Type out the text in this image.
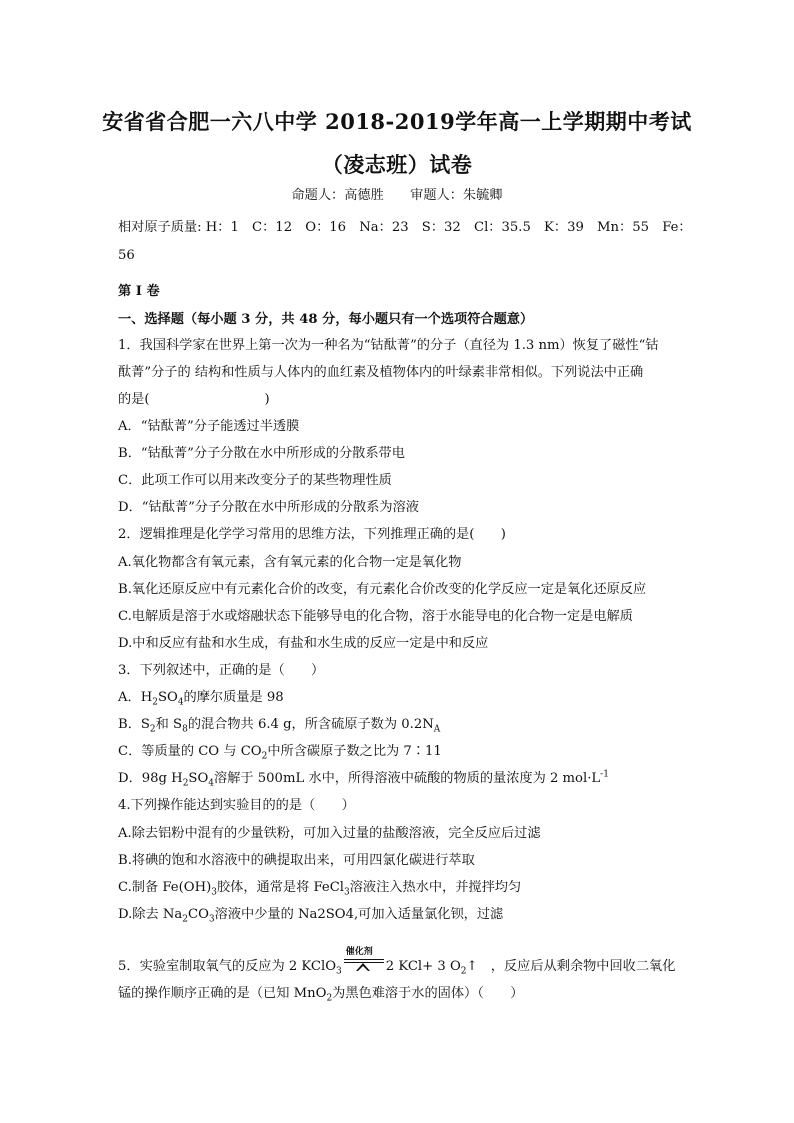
安省省合肥一六八中学 2018-2019学年高一上学期期中考试
（凌志班）试卷
命题人：高德胜　　审题人：朱毓卿
相对原子质量: H：1　C：12　O：16　Na：23　S：32　Cl：35.5　K：39　Mn：55　Fe：
56
第 I 卷
一、选择题（每小题 3 分，共 48 分，每小题只有一个选项符合题意）
1．我国科学家在世界上第一次为一种名为“钴酞菁”的分子（直径为 1.3 nm）恢复了磁性“钴
酞菁”分子的 结构和性质与人体内的血红素及植物体内的叶绿素非常相似。下列说法中正确
的是(	)
A．“钴酞菁”分子能透过半透膜
B．“钴酞菁”分子分散在水中所形成的分散系带电
C．此项工作可以用来改变分子的某些物理性质
D．“钴酞菁”分子分散在水中所形成的分散系为溶液
2．逻辑推理是化学学习常用的思维方法，下列推理正确的是(　　)
A.氧化物都含有氧元素，含有氧元素的化合物一定是氧化物
B.氧化还原反应中有元素化合价的改变，有元素化合价改变的化学反应一定是氧化还原反应
C.电解质是溶于水或熔融状态下能够导电的化合物，溶于水能导电的化合物一定是电解质
D.中和反应有盐和水生成，有盐和水生成的反应一定是中和反应
3．下列叙述中，正确的是（　　）
A．$H_2SO_4$的摩尔质量是 98
B．$S_2$和 $S_8$的混合物共 6.4 g，所含硫原子数为 $0.2N_A$
C．等质量的 CO 与 $CO_2$中所含碳原子数之比为 7∶11
D．98g $H_2SO_4$溶解于 500mL 水中，所得溶液中硫酸的物质的量浓度为 2 $mol\cdot L^{-1}$
4.下列操作能达到实验目的的是（　　）
A.除去铝粉中混有的少量铁粉，可加入过量的盐酸溶液，完全反应后过滤
B.将碘的饱和水溶液中的碘提取出来，可用四氯化碳进行萃取
C.制备 $Fe(OH)_3$胶体，通常是将 FeCl$_3$溶液注入热水中，并搅拌均匀
D.除去 $Na_2CO_3$溶液中少量的 Na2SO4,可加入适量氯化钡，过滤
5．实验室制取氧气的反应为 2 KClO$_3$
催化剂
2 KCl+ 3 $O_2↑$　，反应后从剩余物中回收二氧化
锰的操作顺序正确的是（已知 MnO$_2$为黑色难溶于水的固体）（　　）
